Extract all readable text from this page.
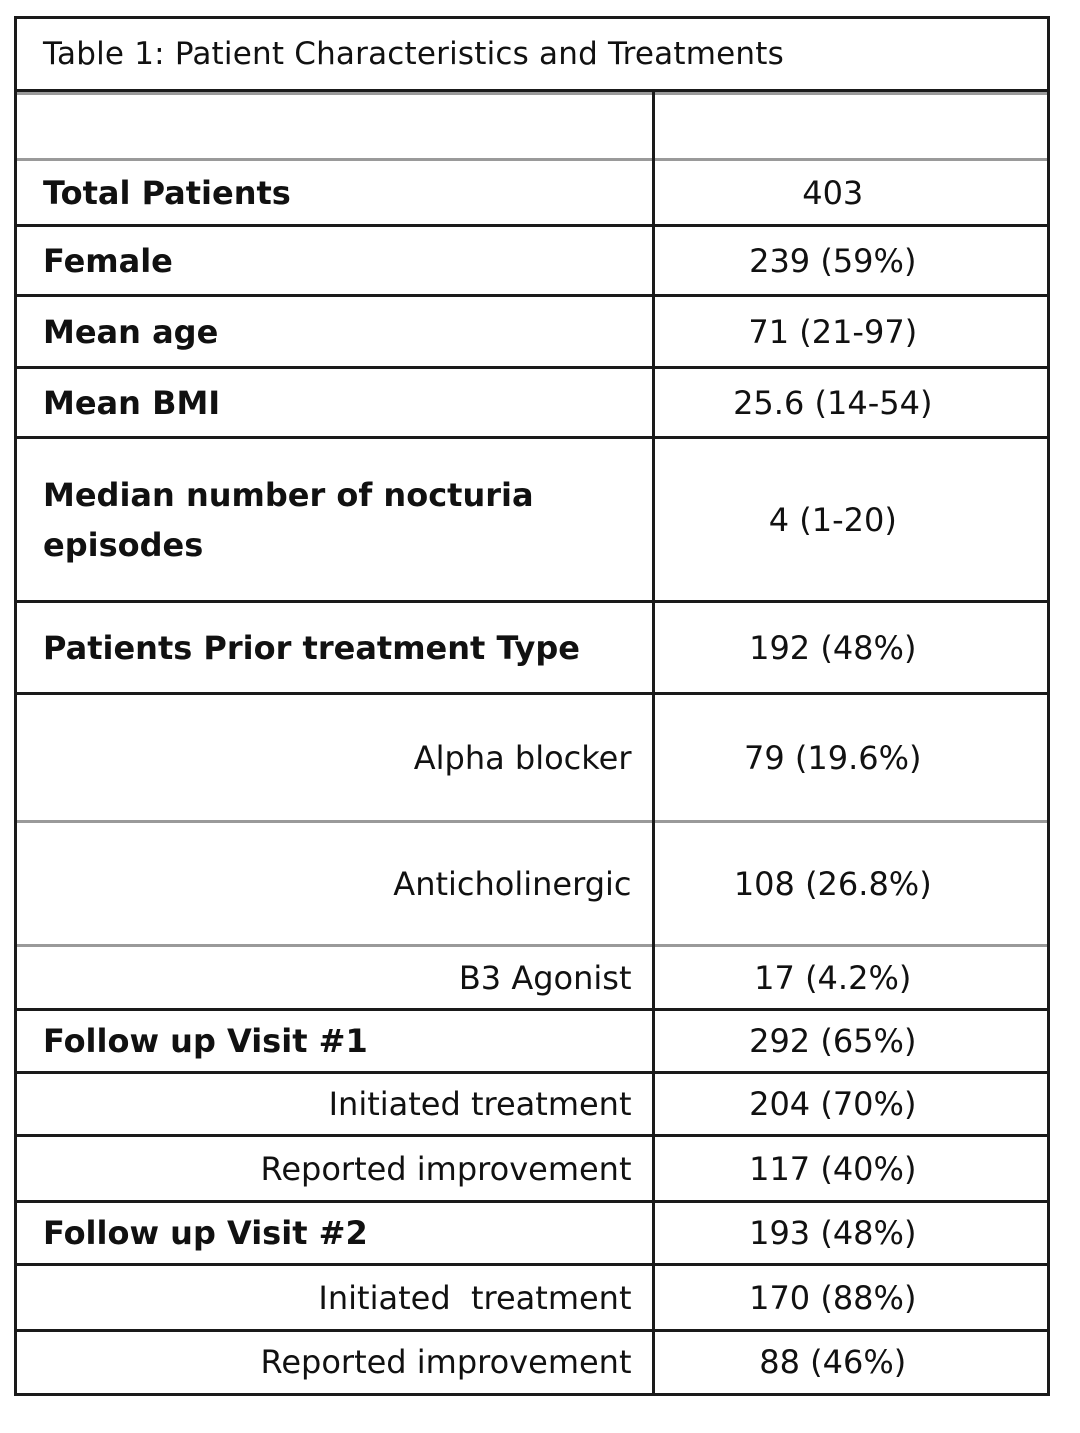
Table 1: Patient Characteristics and Treatments

Total Patients	403
Female	239 (59%)
Mean age	71 (21-97)
Mean BMI	25.6 (14-54)
Median number of nocturia episodes	4 (1-20)
Patients Prior treatment Type	192 (48%)
Alpha blocker	79 (19.6%)
Anticholinergic	108 (26.8%)
B3 Agonist	17 (4.2%)
Follow up Visit #1	292 (65%)
Initiated treatment	204 (70%)
Reported improvement	117 (40%)
Follow up Visit #2	193 (48%)
Initiated  treatment	170 (88%)
Reported improvement	88 (46%)
